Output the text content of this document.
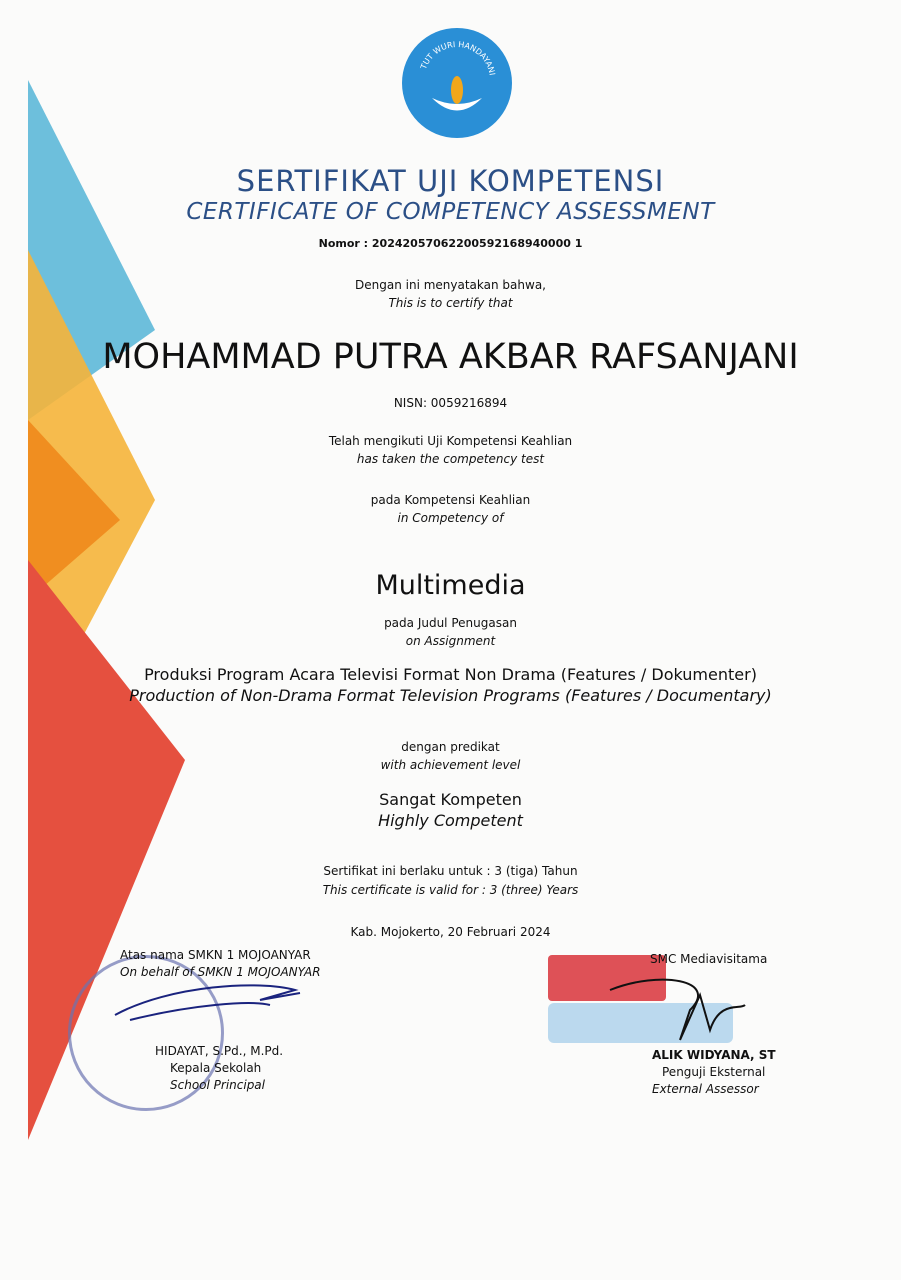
TUT WURI HANDAYANI
SERTIFIKAT UJI KOMPETENSI
CERTIFICATE OF COMPETENCY ASSESSMENT
Nomor : 20242057062200592168940000 1
Dengan ini menyatakan bahwa,
This is to certify that
MOHAMMAD PUTRA AKBAR RAFSANJANI
NISN: 0059216894
Telah mengikuti Uji Kompetensi Keahlian
has taken the competency test
pada Kompetensi Keahlian
in Competency of
Multimedia
pada Judul Penugasan
on Assignment
Produksi Program Acara Televisi Format Non Drama (Features / Dokumenter)
Production of Non-Drama Format Television Programs (Features / Documentary)
dengan predikat
with achievement level
Sangat Kompeten
Highly Competent
Sertifikat ini berlaku untuk : 3 (tiga) Tahun
This certificate is valid for : 3 (three) Years
Kab. Mojokerto, 20 Februari 2024
Atas nama SMKN 1 MOJOANYAR
On behalf of SMKN 1 MOJOANYAR
HIDAYAT, S.Pd., M.Pd.
Kepala Sekolah
School Principal
SMC Mediavisitama
ALIK WIDYANA, ST
Penguji Eksternal
External Assessor
